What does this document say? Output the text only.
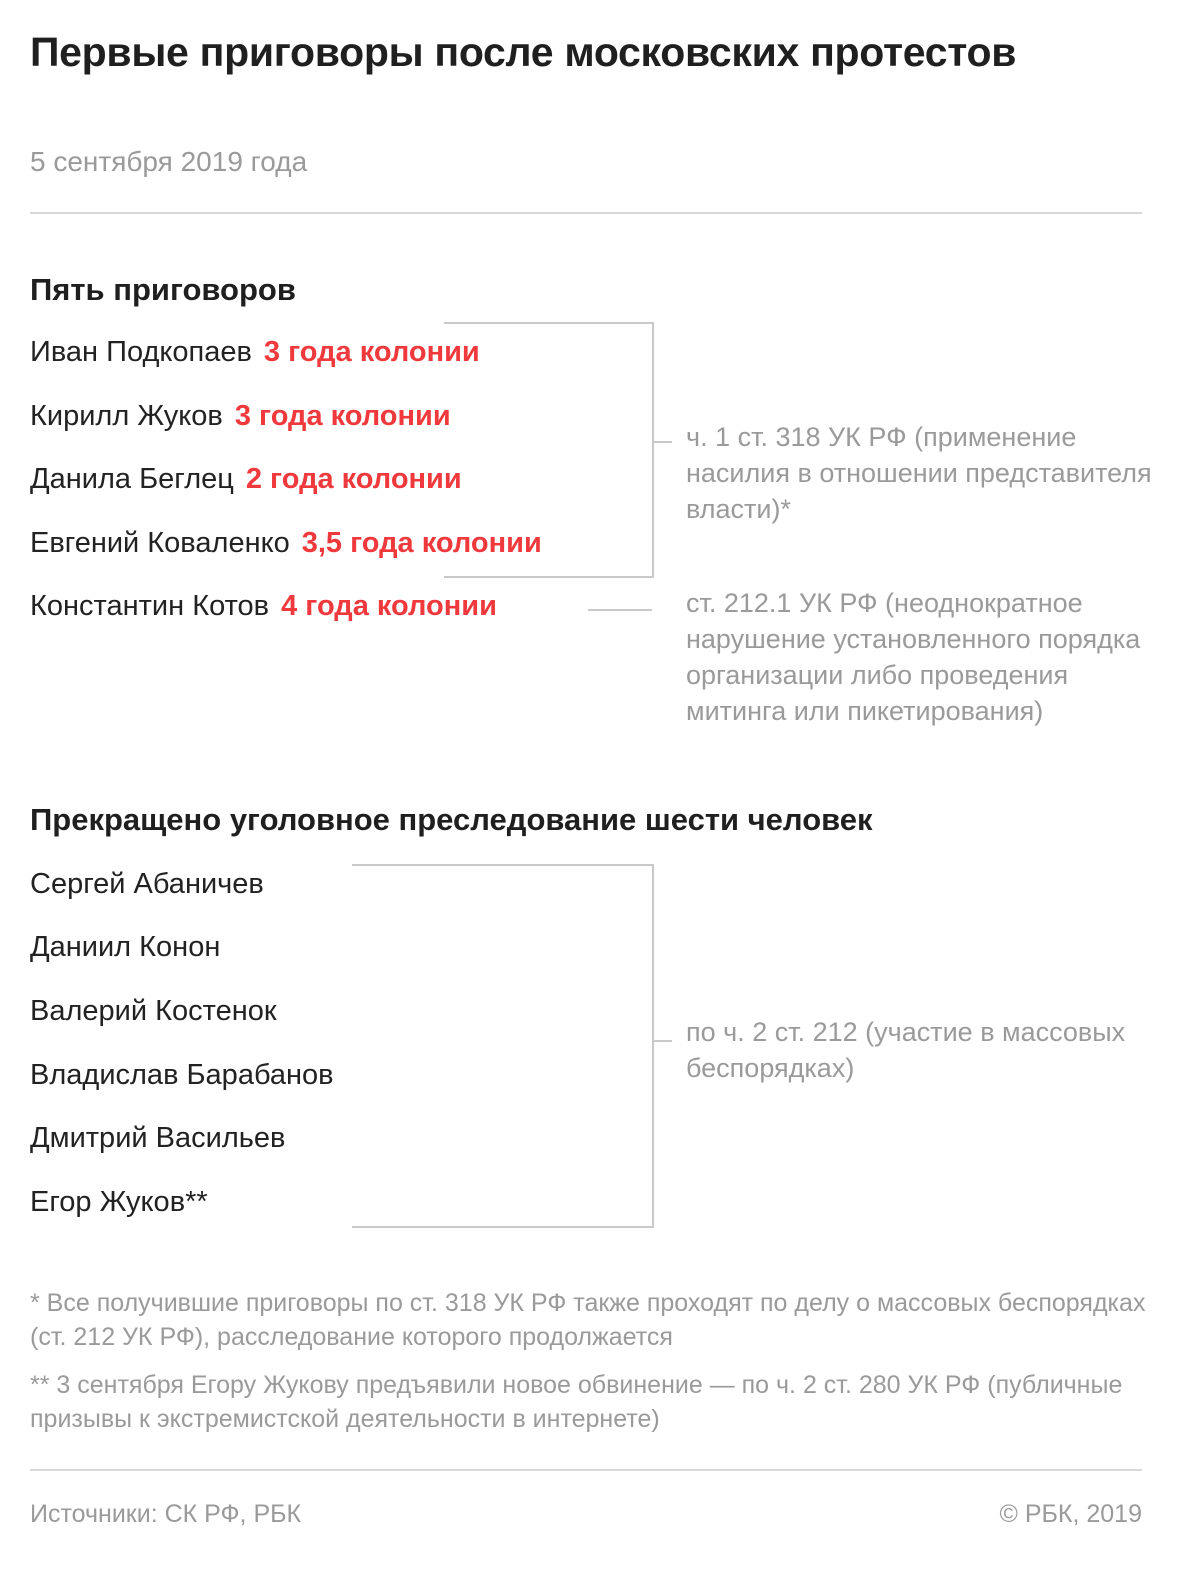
Первые приговоры после московских протестов
5 сентября 2019 года
Пять приговоров
Иван Подкопаев 3 года колонии
Кирилл Жуков 3 года колонии
Данила Беглец 2 года колонии
Евгений Коваленко 3,5 года колонии
Константин Котов 4 года колонии
ч. 1 ст. 318 УК РФ (применение насилия в отношении представителя власти)*
ст. 212.1 УК РФ (неоднократное нарушение установленного порядка организации либо проведения митинга или пикетирования)
Прекращено уголовное преследование шести человек
Сергей Абаничев
Даниил Конон
Валерий Костенок
Владислав Барабанов
Дмитрий Васильев
Егор Жуков**
по ч. 2 ст. 212 (участие в массовых беспорядках)
* Все получившие приговоры по ст. 318 УК РФ также проходят по делу о массовых беспорядках (ст. 212 УК РФ), расследование которого продолжается
** 3 сентября Егору Жукову предъявили новое обвинение — по ч. 2 ст. 280 УК РФ (публичные призывы к экстремистской деятельности в интернете)
Источники: СК РФ, РБК	© РБК, 2019
